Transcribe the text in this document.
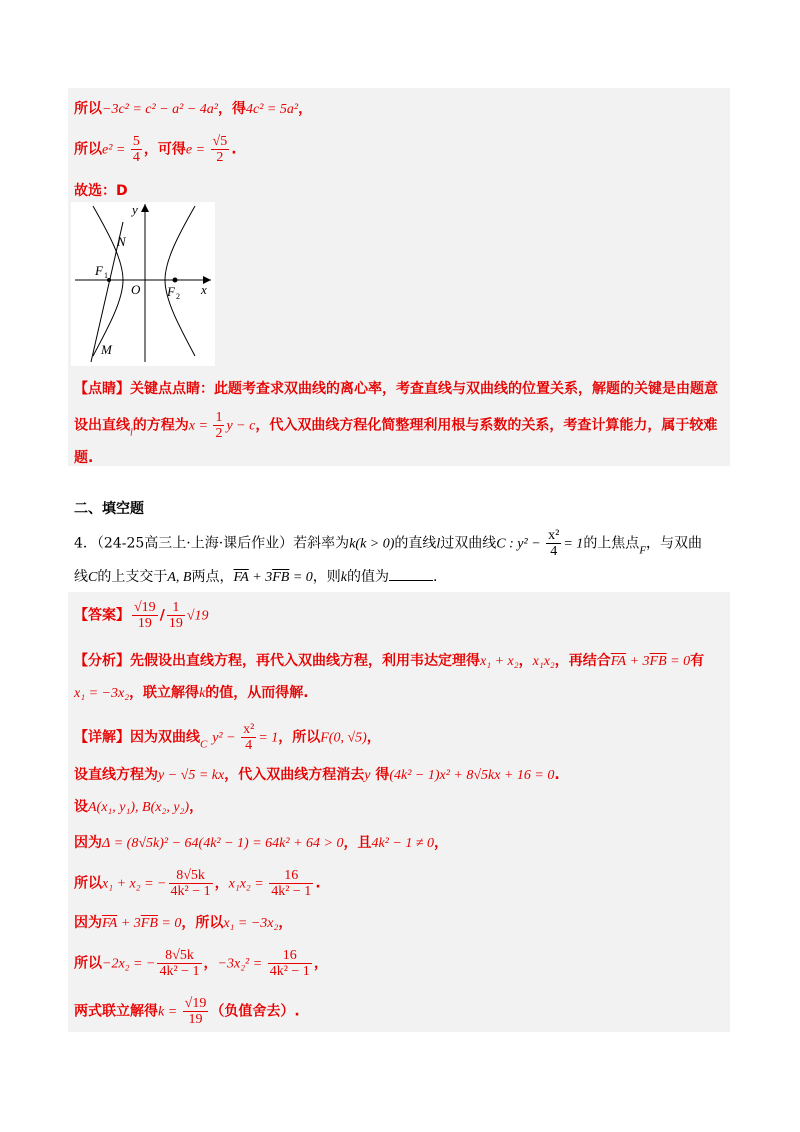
所以−3c² = c² − a² − 4a²，得4c² = 5a²，
所以$e^2 = \frac{5}{4}$ ，可得$e = \frac{√5}{2}$ .
故选：D
y
x
N
F 1
O F 2
M
【点睛】关键点点睛：此题考查求双曲线的离心率，考查直线与双曲线的位置关系，解题的关键是由题意
设出直线$_l$的方程为$x = \frac{1}{2}$ y − c，代入双曲线方程化简整理利用根与系数的关系，考查计算能力，属于较难
题.
二、填空题
4．（24-25高三上·上海·课后作业）若斜率为k(k > 0)的直线l过双曲线C : $y^2 - \frac{\text{x²}}{4} = 1$的上焦点$_F$，与双曲
线C的上支交于A, B两点，$\overline{FA} + 3\overline{FB} = 0$，则k的值为	.
【答案】 $\frac{√19}{19} / \frac{1}{19} √19$
【分析】先假设出直线方程，再代入双曲线方程，利用韦达定理得x₁ + x₂，x₁x₂，再结合$\overline{FA} + 3\overline{FB} = 0$有
x₁ = −3x₂，联立解得k的值，从而得解.
【详解】因为双曲线$_C$ $y^2 - \frac{\text{x²}}{4} = 1$，所以F(0, √5)，
设直线方程为y − √5 = kx，代入双曲线方程消去y 得(4k² − 1)x² + 8√5kx + 16 = 0.
设A(x₁, y₁), B(x₂, y₂)，
因为Δ = (8√5k)² − 64(4k² − 1) = 64k² + 64 > 0，且4k² − 1 ≠ 0，
所以x₁ + x₂ = − $\frac{8√5k}{\text{4k² − 1}}$ ，$x_1x_2 = \frac{16}{\text{4k² − 1}}$ .
因为$\overline{FA} + 3\overline{FB} = 0$，所以x₁ = −3x₂，
所以−2x₂ = − $\frac{8√5k}{\text{4k² − 1}}$ ，$-3x_2^2 = \frac{16}{\text{4k² − 1}}$ ，
两式联立解得$k = \frac{√19}{19}$ （负值舍去）.
